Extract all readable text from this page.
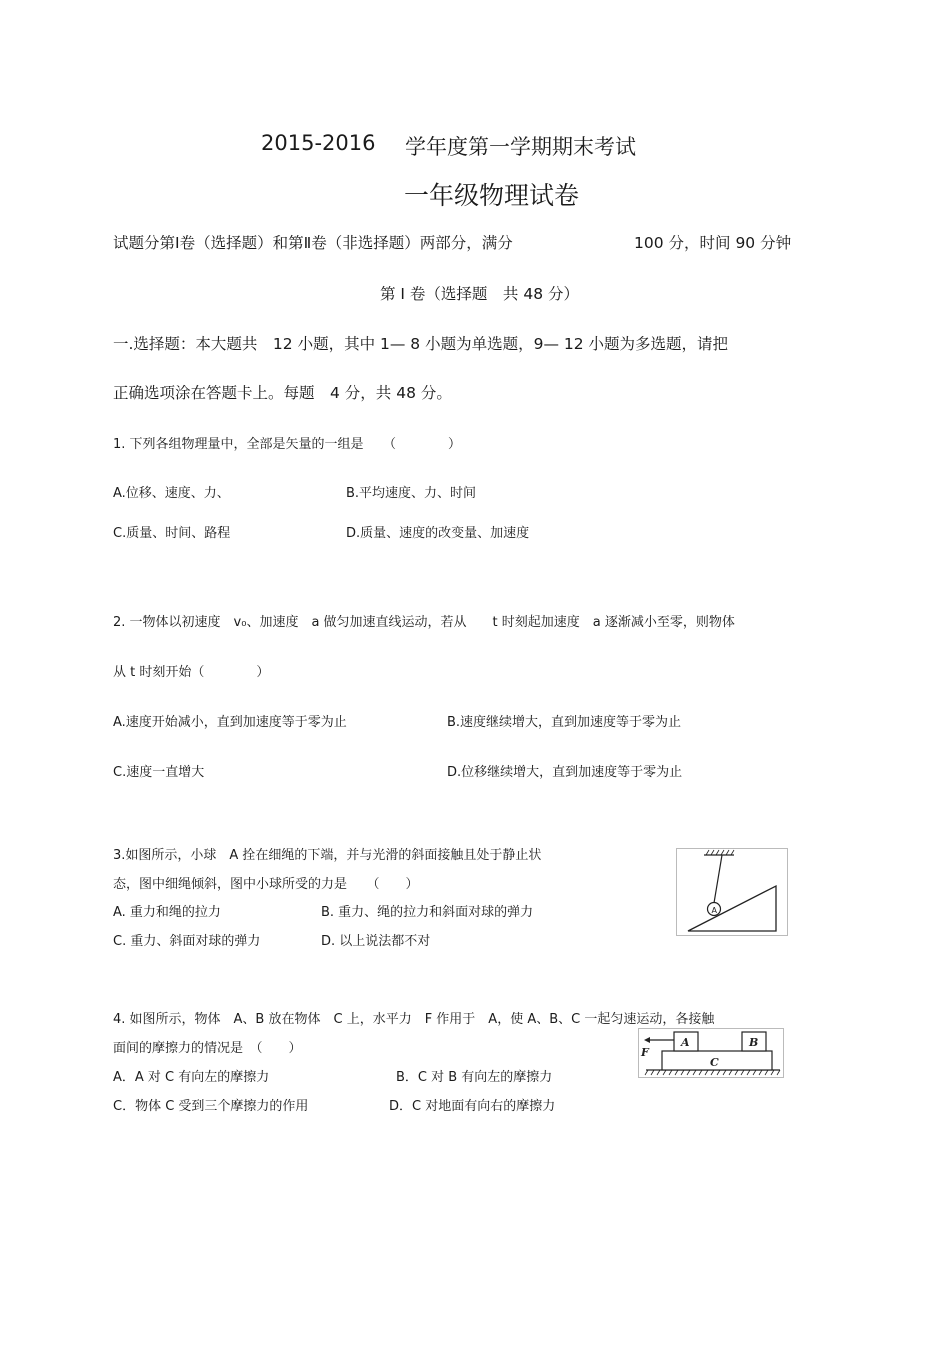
2015-2016 学年度第一学期期末考试
一年级物理试卷
试题分第Ⅰ卷（选择题）和第Ⅱ卷（非选择题）两部分，满分	100 分，时间 90 分钟
第 Ⅰ 卷（选择题　共 48 分）
一.选择题：本大题共　12 小题，其中 1— 8 小题为单选题，9— 12 小题为多选题，请把
正确选项涂在答题卡上。每题　4 分，共 48 分。
1. 下列各组物理量中，全部是矢量的一组是　　（　　　　）
A.位移、速度、力、	B.平均速度、力、时间
C.质量、时间、路程	D.质量、速度的改变量、加速度
2. 一物体以初速度　v₀、加速度　a 做匀加速直线运动，若从　　t 时刻起加速度　a 逐渐减小至零，则物体
从 t 时刻开始（　　　　）
A.速度开始减小，直到加速度等于零为止	B.速度继续增大，直到加速度等于零为止
C.速度一直增大	D.位移继续增大，直到加速度等于零为止
3.如图所示，小球　A 拴在细绳的下端，并与光滑的斜面接触且处于静止状
态，图中细绳倾斜，图中小球所受的力是　　（　　）
A. 重力和绳的拉力	B. 重力、绳的拉力和斜面对球的弹力
C. 重力、斜面对球的弹力	D. 以上说法都不对
A
4. 如图所示，物体　A、B 放在物体　C 上，水平力　F 作用于　A，使 A、B、C 一起匀速运动，各接触
面间的摩擦力的情况是　（　　）
A．A 对 C 有向左的摩擦力	B．C 对 B 有向左的摩擦力
C．物体 C 受到三个摩擦力的作用	D．C 对地面有向右的摩擦力
F
A	B
C
